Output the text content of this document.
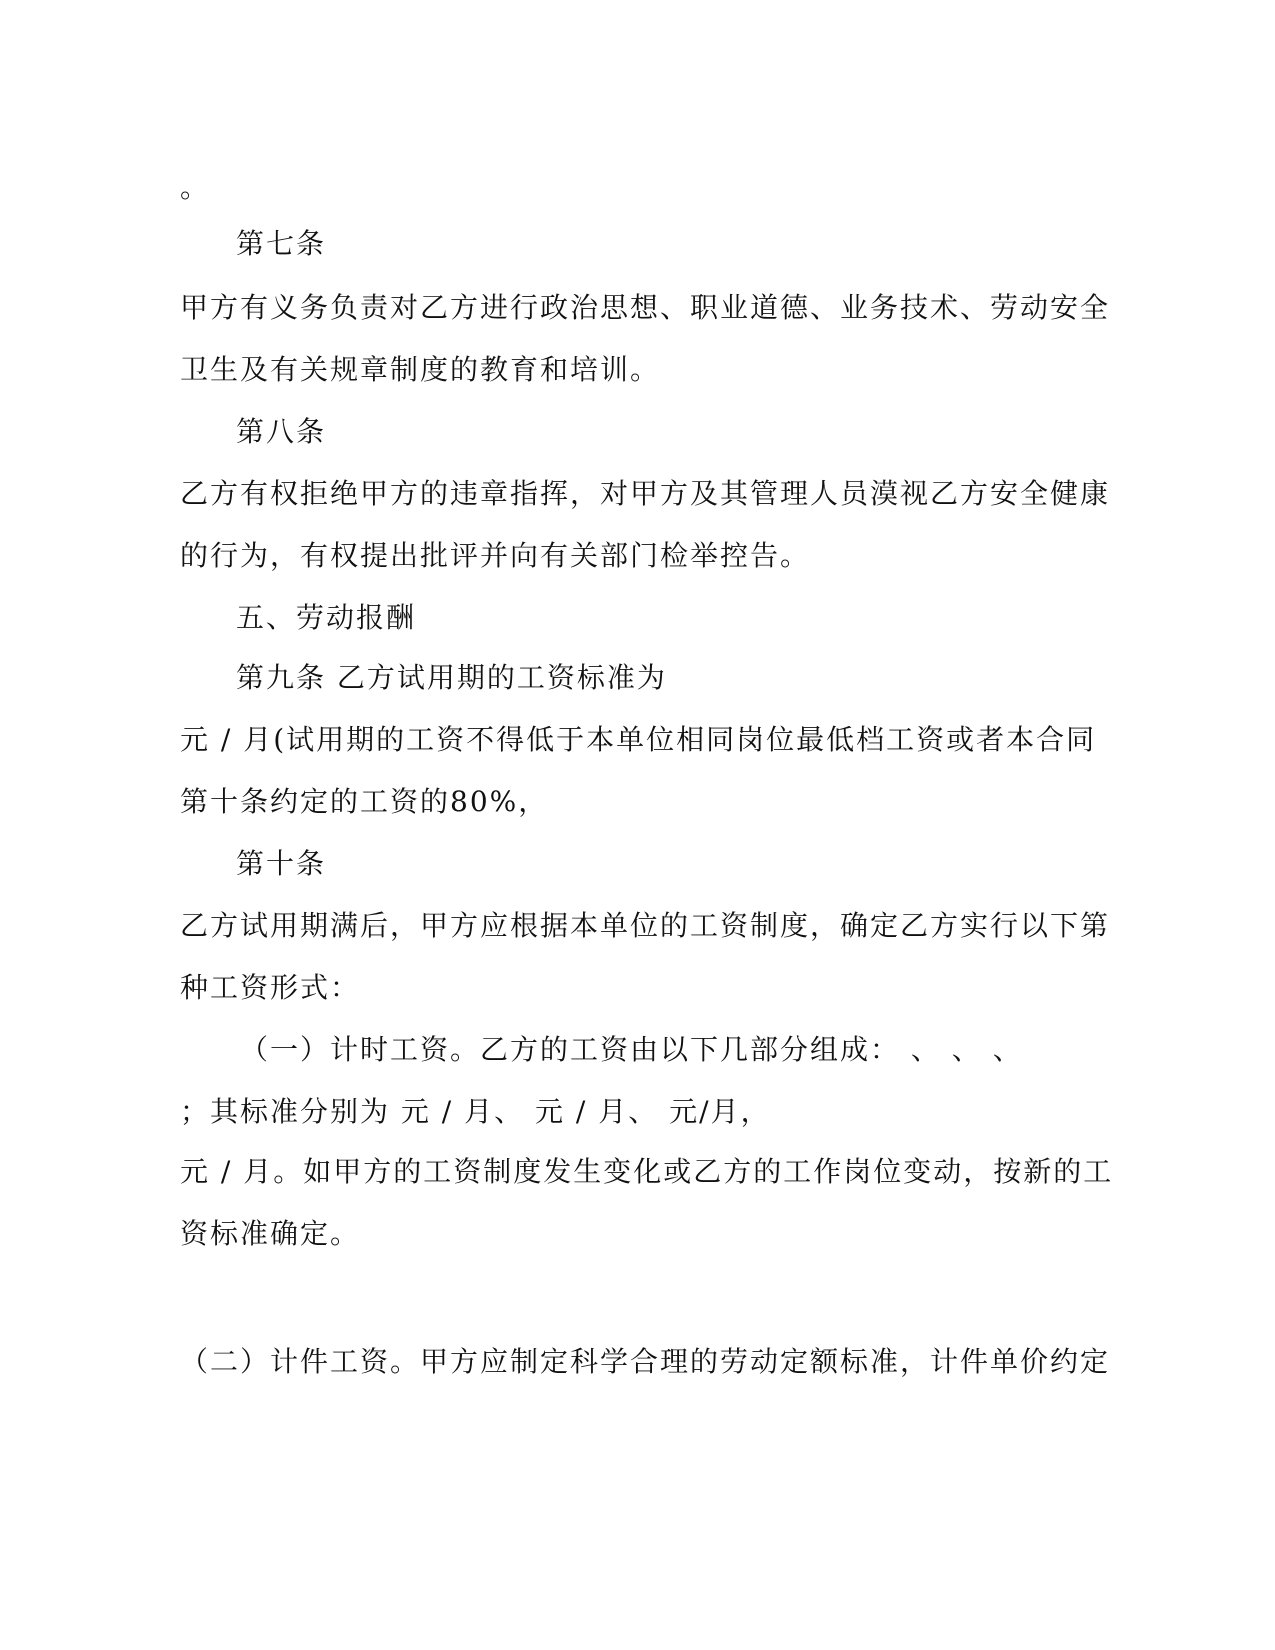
。
第七条
甲方有义务负责对乙方进行政治思想、职业道德、业务技术、劳动安全
卫生及有关规章制度的教育和培训。
第八条
乙方有权拒绝甲方的违章指挥，对甲方及其管理人员漠视乙方安全健康
的行为，有权提出批评并向有关部门检举控告。
五、劳动报酬
第九条 乙方试用期的工资标准为
元 / 月(试用期的工资不得低于本单位相同岗位最低档工资或者本合同
第十条约定的工资的80%，
第十条
乙方试用期满后，甲方应根据本单位的工资制度，确定乙方实行以下第
种工资形式：
（一）计时工资。乙方的工资由以下几部分组成： 、 、 、
；其标准分别为 元 / 月、 元 / 月、 元/月，
元 / 月。如甲方的工资制度发生变化或乙方的工作岗位变动，按新的工
资标准确定。
（二）计件工资。甲方应制定科学合理的劳动定额标准，计件单价约定
